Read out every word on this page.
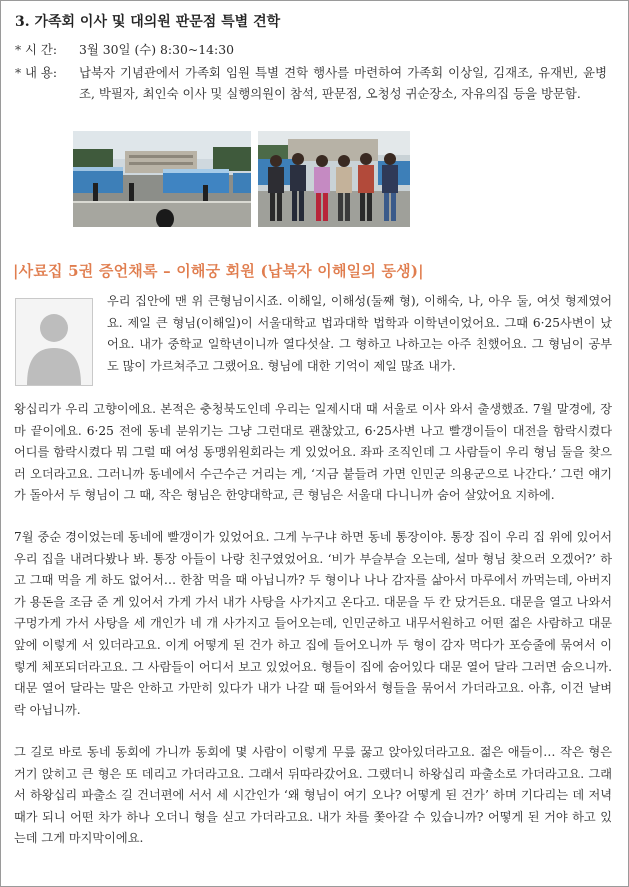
3. 가족회 이사 및 대의원 판문점 특별 견학
* 시 간: 3월 30일 (수) 8:30~14:30
* 내 용:	납북자 기념관에서 가족회 임원 특별 견학 행사를 마련하여 가족회 이상일, 김재조, 유재빈, 윤병조, 박필자, 최인숙 이사 및 실행의원이 참석, 판문점, 오청성 귀순장소, 자유의집 등을 방문함.
|사료집 5권 증언채록 – 이해궁 회원 (납북자 이해일의 동생)|
우리 집안에 맨 위 큰형님이시죠. 이해일, 이해성(둘째 형), 이해숙, 나, 아우 둘, 여섯 형제였어요. 제일 큰 형님(이해일)이 서울대학교 법과대학 법학과 이학년이었어요. 그때 6·25사변이 났어요. 내가 중학교 일학년이니까 열다섯살. 그 형하고 나하고는 아주 친했어요. 그 형님이 공부도 많이 가르쳐주고 그랬어요. 형님에 대한 기억이 제일 많죠 내가.
왕십리가 우리 고향이에요. 본적은 충청북도인데 우리는 일제시대 때 서울로 이사 와서 출생했죠. 7월 말경에, 장마 끝이에요. 6·25 전에 동네 분위기는 그냥 그런대로 괜찮았고, 6·25사변 나고 빨갱이들이 대전을 함락시켰다 어디를 함락시켰다 뭐 그럴 때 여성 동맹위원회라는 게 있었어요. 좌파 조직인데 그 사람들이 우리 형님 둘을 찾으러 오더라고요. 그러니까 동네에서 수근수근 거리는 게, ‘지금 붙들려 가면 인민군 의용군으로 나간다.’ 그런 얘기가 돌아서 두 형님이 그 때, 작은 형님은 한양대학교, 큰 형님은 서울대 다니니까 숨어 살았어요 지하에.
7월 중순 경이었는데 동네에 빨갱이가 있었어요. 그게 누구냐 하면 동네 통장이야. 통장 집이 우리 집 위에 있어서 우리 집을 내려다봤나 봐. 통장 아들이 나랑 친구였었어요. ‘비가 부슬부슬 오는데, 설마 형님 찾으러 오겠어?’ 하고 그때 먹을 게 하도 없어서… 한참 먹을 때 아닙니까? 두 형이나 나나 감자를 삶아서 마루에서 까먹는데, 아버지가 용돈을 조금 준 게 있어서 가게 가서 내가 사탕을 사가지고 온다고. 대문을 두 칸 닸거든요. 대문을 열고 나와서 구멍가게 가서 사탕을 세 개인가 네 개 사가지고 들어오는데, 인민군하고 내무서원하고 어떤 젊은 사람하고 대문 앞에 이렇게 서 있더라고요. 이게 어떻게 된 건가 하고 집에 들어오니까 두 형이 감자 먹다가 포승줄에 묶여서 이렇게 체포되더라고요. 그 사람들이 어디서 보고 있었어요. 형들이 집에 숨어있다 대문 열어 달라 그러면 숨으니까. 대문 열어 달라는 말은 안하고 가만히 있다가 내가 나갈 때 들어와서 형들을 묶어서 가더라고요. 아휴, 이건 날벼락 아닙니까.
그 길로 바로 동네 동회에 가니까 동회에 몇 사람이 이렇게 무릎 꿇고 앉아있더라고요. 젊은 애들이… 작은 형은 거기 앉히고 큰 형은 또 데리고 가더라고요. 그래서 뒤따라갔어요. 그랬더니 하왕십리 파출소로 가더라고요. 그래서 하왕십리 파출소 길 건너편에 서서 세 시간인가 ‘왜 형님이 여기 오나? 어떻게 된 건가’ 하며 기다리는 데 저녁때가 되니 어떤 차가 하나 오더니 형을 싣고 가더라고요. 내가 차를 쫓아갈 수 있습니까? 어떻게 된 거야 하고 있는데 그게 마지막이에요.
